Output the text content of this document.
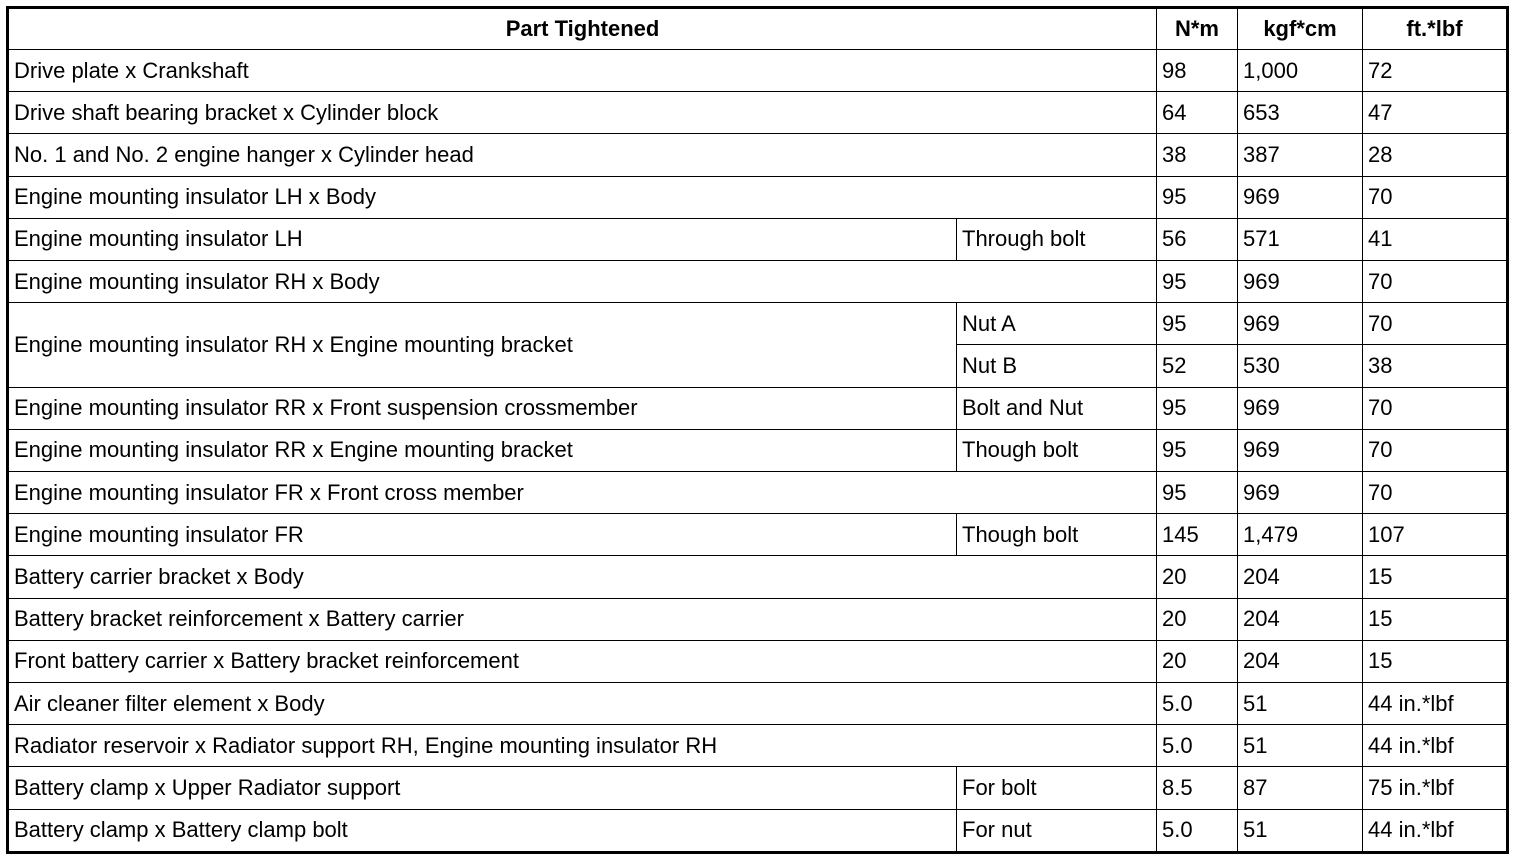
Part Tightened		N*m	kgf*cm	ft.*lbf
Drive plate x Crankshaft		98	1,000	72
Drive shaft bearing bracket x Cylinder block		64	653	47
No. 1 and No. 2 engine hanger x Cylinder head		38	387	28
Engine mounting insulator LH x Body		95	969	70
Engine mounting insulator LH	Through bolt	56	571	41
Engine mounting insulator RH x Body		95	969	70
Engine mounting insulator RH x Engine mounting bracket	Nut A	95	969	70
	Nut B	52	530	38
Engine mounting insulator RR x Front suspension crossmember	Bolt and Nut	95	969	70
Engine mounting insulator RR x Engine mounting bracket	Though bolt	95	969	70
Engine mounting insulator FR x Front cross member		95	969	70
Engine mounting insulator FR	Though bolt	145	1,479	107
Battery carrier bracket x Body		20	204	15
Battery bracket reinforcement x Battery carrier		20	204	15
Front battery carrier x Battery bracket reinforcement		20	204	15
Air cleaner filter element x Body		5.0	51	44 in.*lbf
Radiator reservoir x Radiator support RH, Engine mounting insulator RH		5.0	51	44 in.*lbf
Battery clamp x Upper Radiator support	For bolt	8.5	87	75 in.*lbf
Battery clamp x Battery clamp bolt	For nut	5.0	51	44 in.*lbf
